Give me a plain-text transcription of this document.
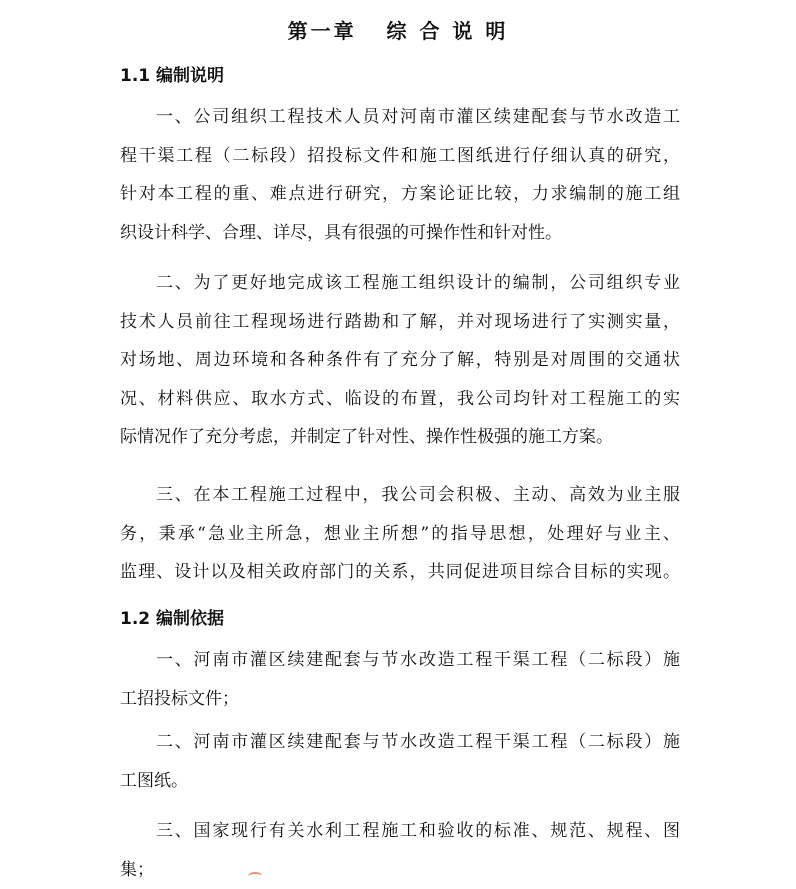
第一章   综 合 说 明
1.1 编制说明
一、公司组织工程技术人员对河南市灌区续建配套与节水改造工
程干渠工程（二标段）招投标文件和施工图纸进行仔细认真的研究，
针对本工程的重、难点进行研究，方案论证比较，力求编制的施工组
织设计科学、合理、详尽，具有很强的可操作性和针对性。
二、为了更好地完成该工程施工组织设计的编制，公司组织专业
技术人员前往工程现场进行踏勘和了解，并对现场进行了实测实量，
对场地、周边环境和各种条件有了充分了解，特别是对周围的交通状
况、材料供应、取水方式、临设的布置，我公司均针对工程施工的实
际情况作了充分考虑，并制定了针对性、操作性极强的施工方案。
三、在本工程施工过程中，我公司会积极、主动、高效为业主服
务，秉承“急业主所急，想业主所想”的指导思想，处理好与业主、
监理、设计以及相关政府部门的关系，共同促进项目综合目标的实现。
1.2 编制依据
一、河南市灌区续建配套与节水改造工程干渠工程（二标段）施
工招投标文件；
二、河南市灌区续建配套与节水改造工程干渠工程（二标段）施
工图纸。
三、国家现行有关水利工程施工和验收的标准、规范、规程、图
集；
